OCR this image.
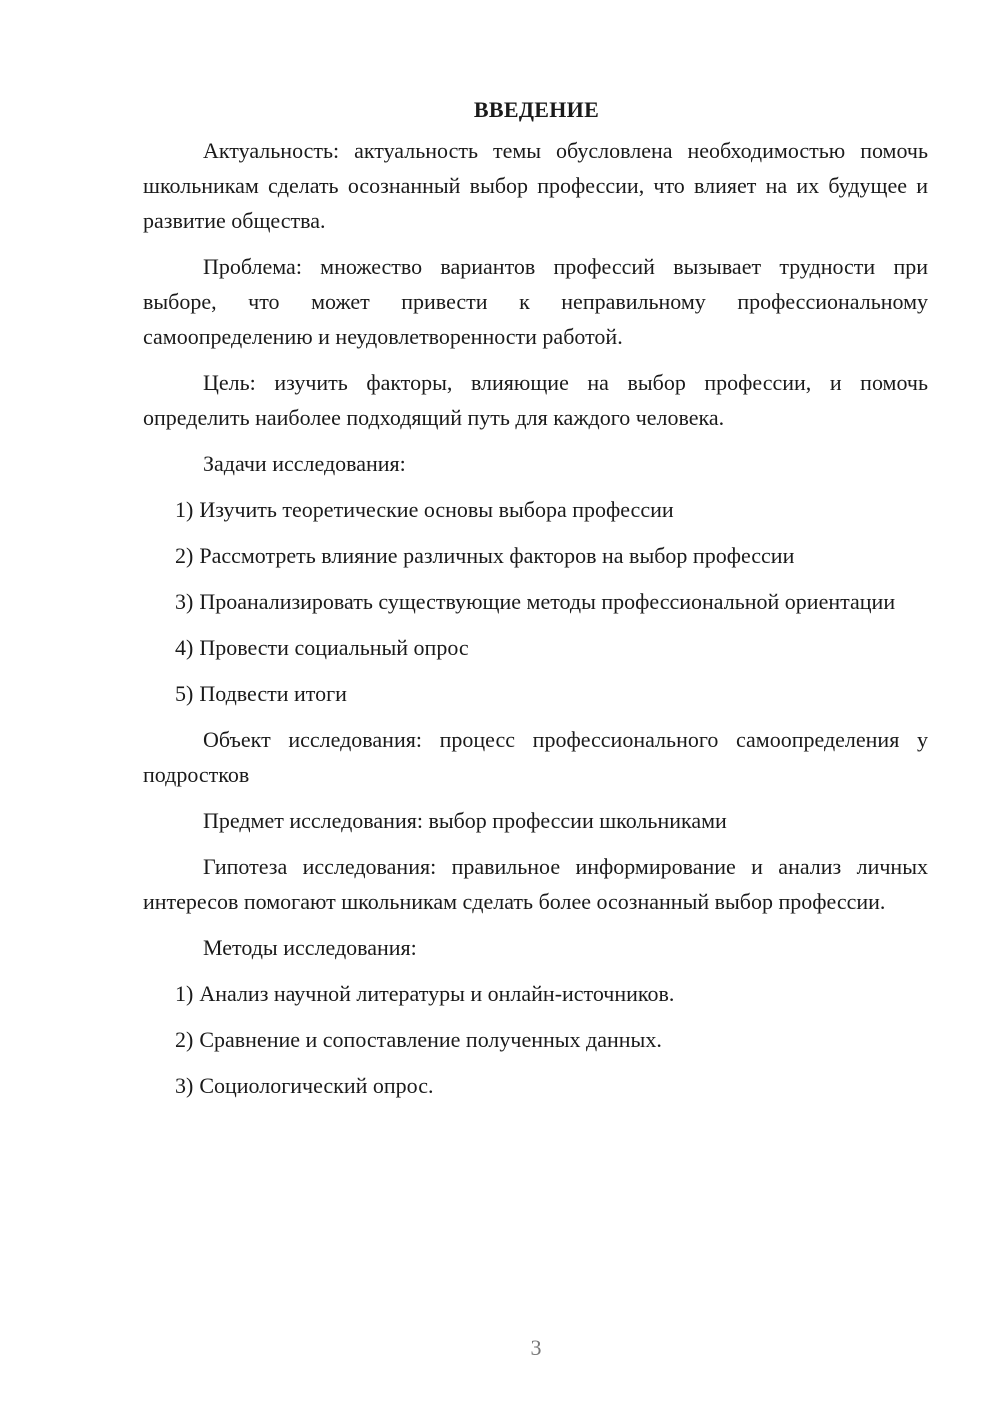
ВВЕДЕНИЕ

Актуальность: актуальность темы обусловлена необходимостью помочь школьникам сделать осознанный выбор профессии, что влияет на их будущее и развитие общества.

Проблема: множество вариантов профессий вызывает трудности при выборе, что может привести к неправильному профессиональному самоопределению и неудовлетворенности работой.

Цель: изучить факторы, влияющие на выбор профессии, и помочь определить наиболее подходящий путь для каждого человека.

Задачи исследования:

1) Изучить теоретические основы выбора профессии

2) Рассмотреть влияние различных факторов на выбор профессии

3) Проанализировать существующие методы профессиональной ориентации

4) Провести социальный опрос

5) Подвести итоги

Объект исследования: процесс профессионального самоопределения у подростков

Предмет исследования: выбор профессии школьниками

Гипотеза исследования: правильное информирование и анализ личных интересов помогают школьникам сделать более осознанный выбор профессии.

Методы исследования:

1) Анализ научной литературы и онлайн-источников.

2) Сравнение и сопоставление полученных данных.

3) Социологический опрос.

3
